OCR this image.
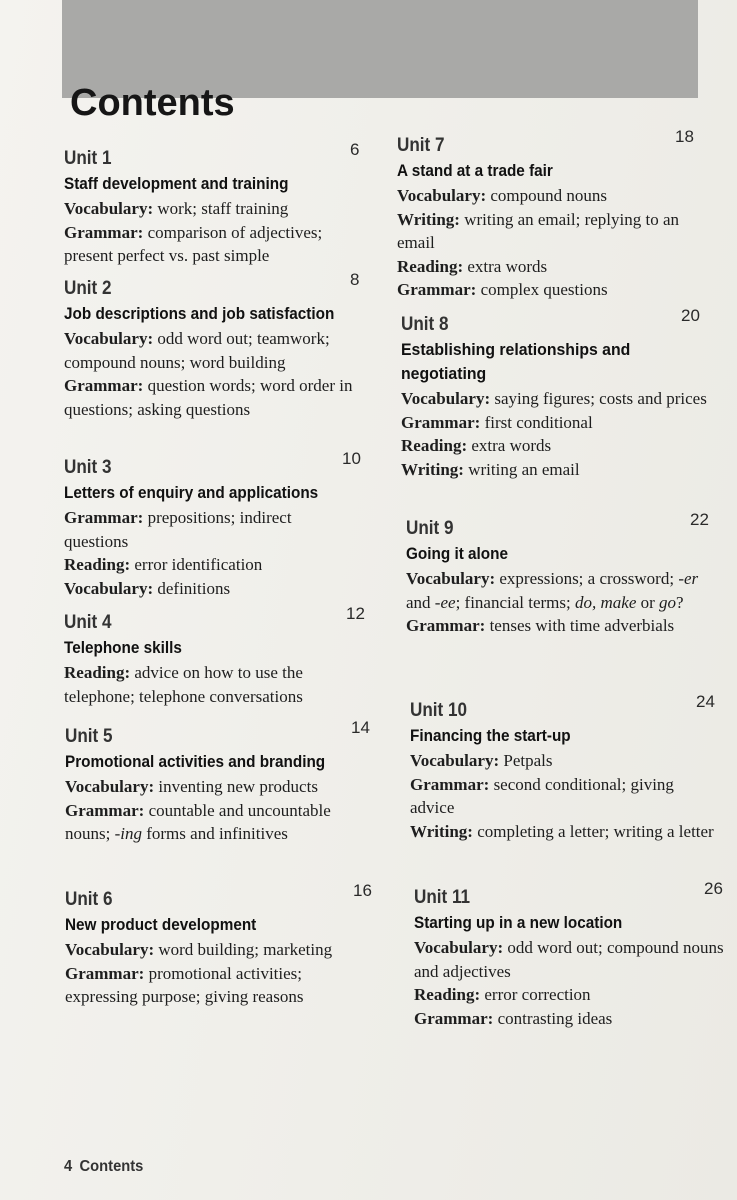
Contents
Unit 1	6
Staff development and training

Vocabulary: work; staff training

Grammar: comparison of adjectives; present perfect vs. past simple

Unit 2	8
Job descriptions and job satisfaction

Vocabulary: odd word out; teamwork; compound nouns; word building

Grammar: question words; word order in questions; asking questions

Unit 3	10
Letters of enquiry and applications

Grammar: prepositions; indirect questions

Reading: error identification

Vocabulary: definitions

Unit 4	12
Telephone skills

Reading: advice on how to use the telephone; telephone conversations

Unit 5	14
Promotional activities and branding

Vocabulary: inventing new products

Grammar: countable and uncountable nouns; -ing forms and infinitives

Unit 6	16
New product development

Vocabulary: word building; marketing

Grammar: promotional activities; expressing purpose; giving reasons

Unit 7	18
A stand at a trade fair

Vocabulary: compound nouns

Writing: writing an email; replying to an email

Reading: extra words

Grammar: complex questions

Unit 8	20
Establishing relationships and negotiating

Vocabulary: saying figures; costs and prices

Grammar: first conditional

Reading: extra words

Writing: writing an email

Unit 9	22
Going it alone

Vocabulary: expressions; a crossword; -er and -ee; financial terms; do, make or go?

Grammar: tenses with time adverbials

Unit 10	24
Financing the start-up

Vocabulary: Petpals

Grammar: second conditional; giving advice

Writing: completing a letter; writing a letter

Unit 11	26
Starting up in a new location

Vocabulary: odd word out; compound nouns and adjectives

Reading: error correction

Grammar: contrasting ideas

4 Contents
